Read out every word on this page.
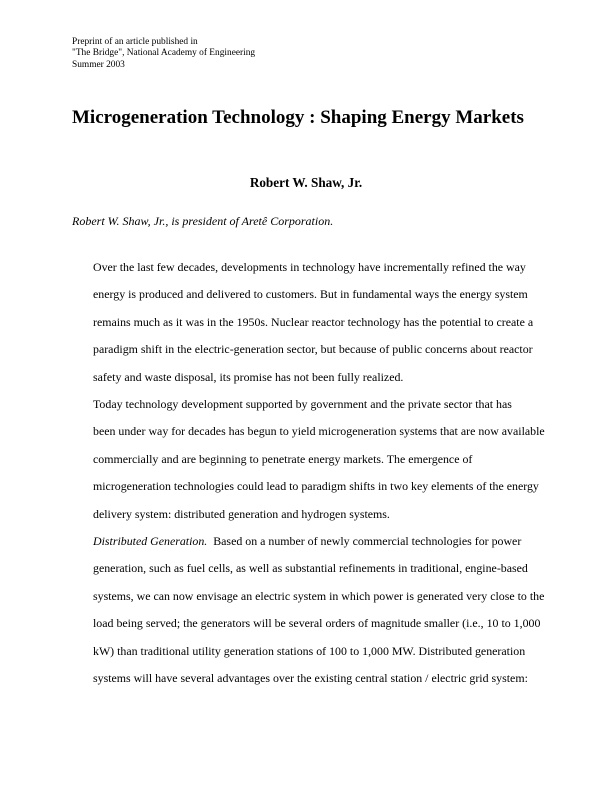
Preprint of an article published in
"The Bridge", National Academy of Engineering
Summer 2003
Microgeneration Technology : Shaping Energy Markets

Robert W. Shaw, Jr.

Robert W. Shaw, Jr., is president of Aretê Corporation.

Over the last few decades, developments in technology have incrementally refined the way
energy is produced and delivered to customers. But in fundamental ways the energy system
remains much as it was in the 1950s. Nuclear reactor technology has the potential to create a
paradigm shift in the electric-generation sector, but because of public concerns about reactor
safety and waste disposal, its promise has not been fully realized.

Today technology development supported by government and the private sector that has
been under way for decades has begun to yield microgeneration systems that are now available
commercially and are beginning to penetrate energy markets. The emergence of
microgeneration technologies could lead to paradigm shifts in two key elements of the energy
delivery system: distributed generation and hydrogen systems.

Distributed Generation.  Based on a number of newly commercial technologies for power
generation, such as fuel cells, as well as substantial refinements in traditional, engine-based
systems, we can now envisage an electric system in which power is generated very close to the
load being served; the generators will be several orders of magnitude smaller (i.e., 10 to 1,000
kW) than traditional utility generation stations of 100 to 1,000 MW. Distributed generation
systems will have several advantages over the existing central station / electric grid system:
